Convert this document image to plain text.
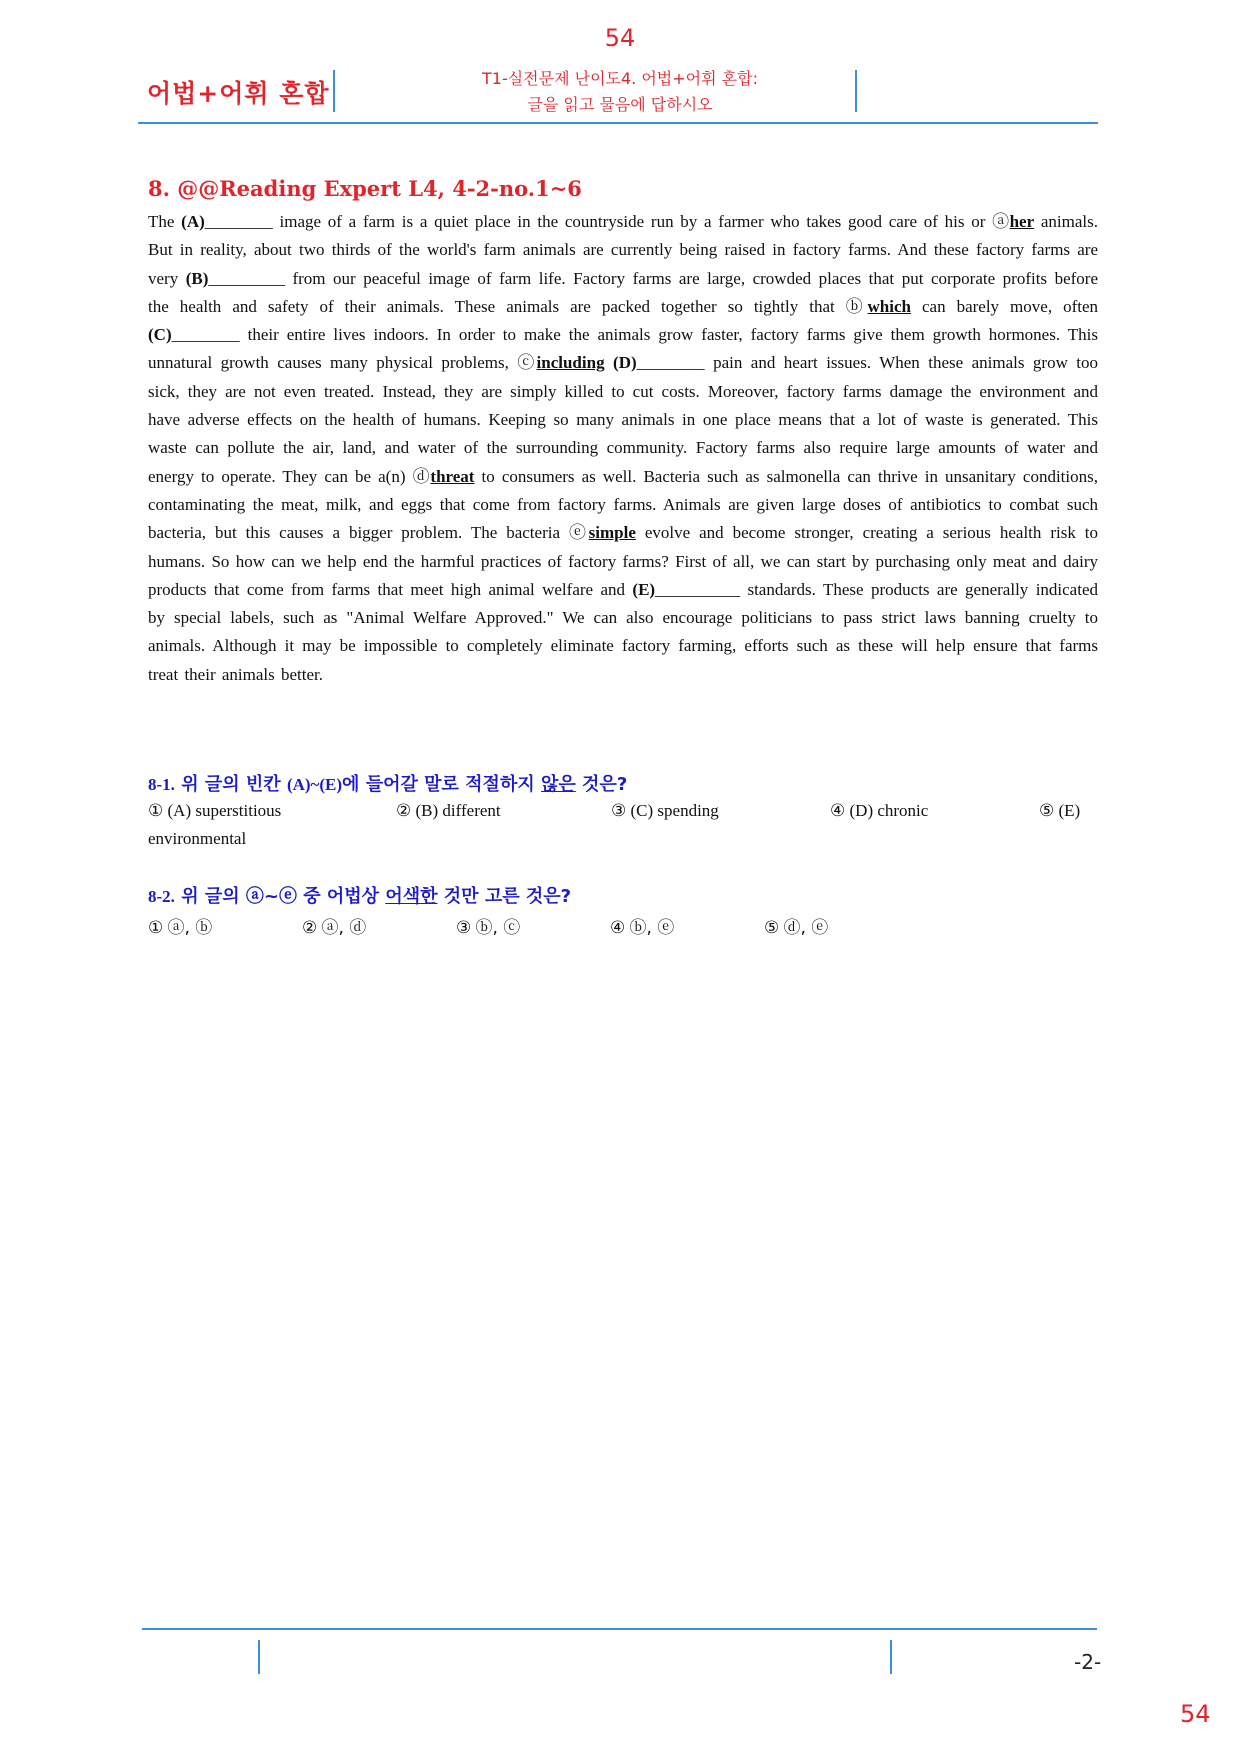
54
어법+어휘 혼합
T1-실전문제 난이도4. 어법+어휘 혼합:
글을 읽고 물음에 답하시오
8. @@Reading Expert L4, 4-2-no.1~6
The (A)________ image of a farm is a quiet place in the countryside run by a farmer who takes good care of his or ⓐher animals. But in reality, about two thirds of the world's farm animals are currently being raised in factory farms. And these factory farms are very (B)_________ from our peaceful image of farm life. Factory farms are large, crowded places that put corporate profits before the health and safety of their animals. These animals are packed together so tightly that ⓑwhich can barely move, often (C)________ their entire lives indoors. In order to make the animals grow faster, factory farms give them growth hormones. This unnatural growth causes many physical problems, ⓒincluding (D)________ pain and heart issues. When these animals grow too sick, they are not even treated. Instead, they are simply killed to cut costs. Moreover, factory farms damage the environment and have adverse effects on the health of humans. Keeping so many animals in one place means that a lot of waste is generated. This waste can pollute the air, land, and water of the surrounding community. Factory farms also require large amounts of water and energy to operate. They can be a(n) ⓓthreat to consumers as well. Bacteria such as salmonella can thrive in unsanitary conditions, contaminating the meat, milk, and eggs that come from factory farms. Animals are given large doses of antibiotics to combat such bacteria, but this causes a bigger problem. The bacteria ⓔsimple evolve and become stronger, creating a serious health risk to humans. So how can we help end the harmful practices of factory farms? First of all, we can start by purchasing only meat and dairy products that come from farms that meet high animal welfare and (E)__________ standards. These products are generally indicated by special labels, such as "Animal Welfare Approved." We can also encourage politicians to pass strict laws banning cruelty to animals. Although it may be impossible to completely eliminate factory farming, efforts such as these will help ensure that farms treat their animals better.
8-1. 위 글의 빈칸 (A)~(E)에 들어갈 말로 적절하지 않은 것은?
① (A) superstitious	② (B) different	③ (C) spending	④ (D) chronic	⑤ (E)
environmental
8-2. 위 글의 ⓐ~ⓔ 중 어법상 어색한 것만 고른 것은?
① ⓐ, ⓑ	② ⓐ, ⓓ	③ ⓑ, ⓒ	④ ⓑ, ⓔ	⑤ ⓓ, ⓔ
-2-
54
